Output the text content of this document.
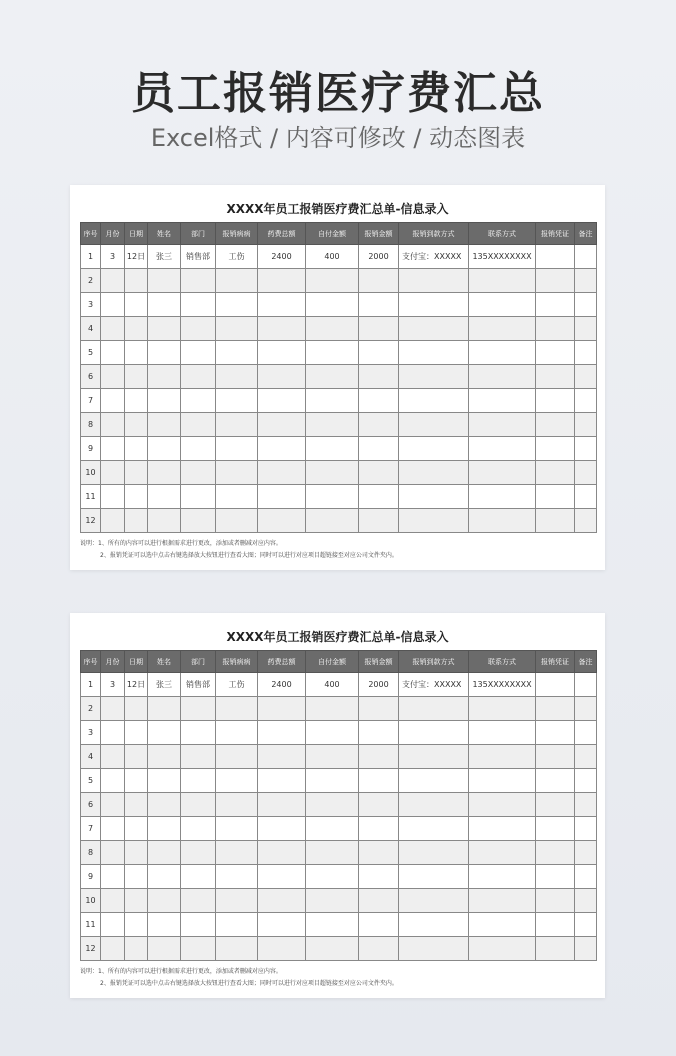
员工报销医疗费汇总
Excel格式 / 内容可修改 / 动态图表
XXXX年员工报销医疗费汇总单-信息录入
序号	月份	日期	姓名	部门	报销病病	药费总额	自付金额	报销金额	报销到款方式	联系方式	报销凭证	备注
1	3	12日	张三	销售部	工伤	2400	400	2000	支付宝：XXXXX	135XXXXXXXX		
2												
3												
4												
5												
6												
7												
8												
9												
10												
11												
12												
说明：1、所有的内容可以进行根据需求进行更改，添加或者删减对应内容。
2、报销凭证可以选中点击右键选择放大按钮进行查看大图；同时可以进行对应项目超链接至对应公司文件夹内。
XXXX年员工报销医疗费汇总单-信息录入
序号	月份	日期	姓名	部门	报销病病	药费总额	自付金额	报销金额	报销到款方式	联系方式	报销凭证	备注
1	3	12日	张三	销售部	工伤	2400	400	2000	支付宝：XXXXX	135XXXXXXXX		
2												
3												
4												
5												
6												
7												
8												
9												
10												
11												
12												
说明：1、所有的内容可以进行根据需求进行更改，添加或者删减对应内容。
2、报销凭证可以选中点击右键选择放大按钮进行查看大图；同时可以进行对应项目超链接至对应公司文件夹内。
